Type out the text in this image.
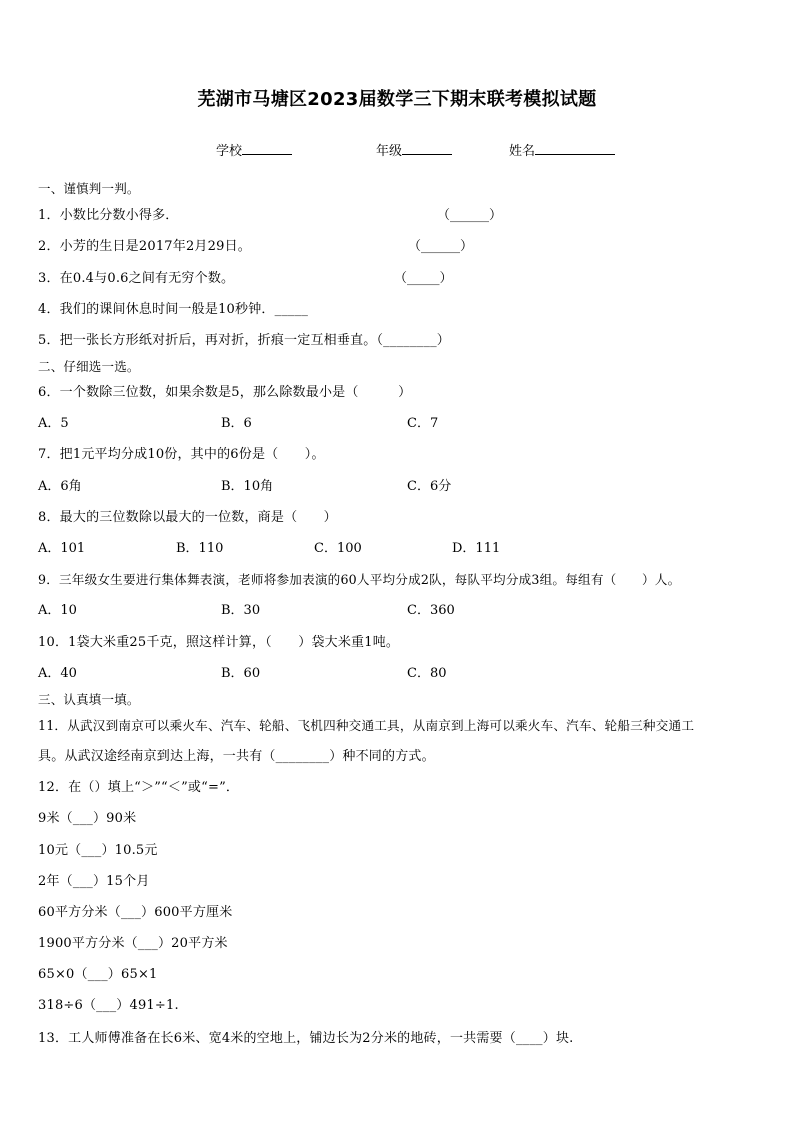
芜湖市马塘区2023届数学三下期末联考模拟试题
学校	年级	姓名
一、谨慎判一判。
1．小数比分数小得多．	（______）
2．小芳的生日是2017年2月29日。	（______）
3．在0.4与0.6之间有无穷个数。	（_____）
4．我们的课间休息时间一般是10秒钟．_____
5．把一张长方形纸对折后，再对折，折痕一定互相垂直。（________）
二、仔细选一选。
6．一个数除三位数，如果余数是5，那么除数最小是（　　　）
A．5	B．6	C．7
7．把1元平均分成10份，其中的6份是（　　）。
A．6角	B．10角	C．6分
8．最大的三位数除以最大的一位数，商是（　　）
A．101	B．110	C．100	D．111
9．三年级女生要进行集体舞表演，老师将参加表演的60人平均分成2队，每队平均分成3组。每组有（　　）人。
A．10	B．30	C．360
10．1袋大米重25千克，照这样计算，（　　）袋大米重1吨。
A．40	B．60	C．80
三、认真填一填。
11．从武汉到南京可以乘火车、汽车、轮船、飞机四种交通工具，从南京到上海可以乘火车、汽车、轮船三种交通工
具。从武汉途经南京到达上海，一共有（________）种不同的方式。
12．在（）填上“＞”“＜”或“=”．
9米（___）90米
10元（___）10.5元
2年（___）15个月
60平方分米（___）600平方厘米
1900平方分米（___）20平方米
65×0（___）65×1
318÷6（___）491÷1.
13．工人师傅准备在长6米、宽4米的空地上，铺边长为2分米的地砖，一共需要（____）块.
